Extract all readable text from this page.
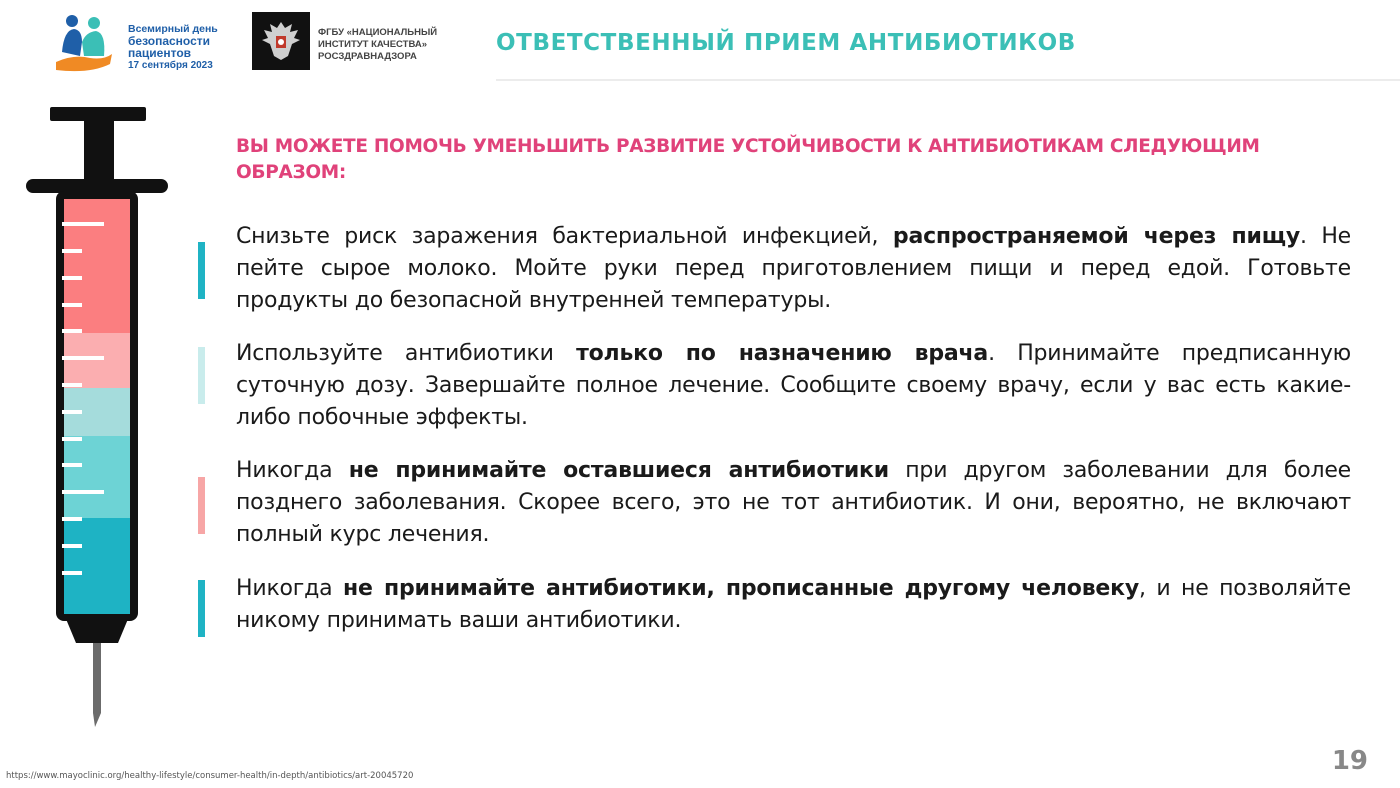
Всемирный день
безопасности
пациентов
17 сентября 2023
ФГБУ «НАЦИОНАЛЬНЫЙ
ИНСТИТУТ КАЧЕСТВА»
РОСЗДРАВНАДЗОРА
ОТВЕТСТВЕННЫЙ ПРИЕМ АНТИБИОТИКОВ
ВЫ МОЖЕТЕ ПОМОЧЬ УМЕНЬШИТЬ РАЗВИТИЕ УСТОЙЧИВОСТИ К АНТИБИОТИКАМ СЛЕДУЮЩИМ ОБРАЗОМ:

Снизьте риск заражения бактериальной инфекцией, распространяемой через пищу. Не пейте сырое молоко. Мойте руки перед приготовлением пищи и перед едой. Готовьте продукты до безопасной внутренней температуры.

Используйте антибиотики только по назначению врача. Принимайте предписанную суточную дозу. Завершайте полное лечение. Сообщите своему врачу, если у вас есть какие-либо побочные эффекты.

Никогда не принимайте оставшиеся антибиотики при другом заболевании для более позднего заболевания. Скорее всего, это не тот антибиотик. И они, вероятно, не включают полный курс лечения.

Никогда не принимайте антибиотики, прописанные другому человеку, и не позволяйте никому принимать ваши антибиотики.

https://www.mayoclinic.org/healthy-lifestyle/consumer-health/in-depth/antibiotics/art-20045720	19
